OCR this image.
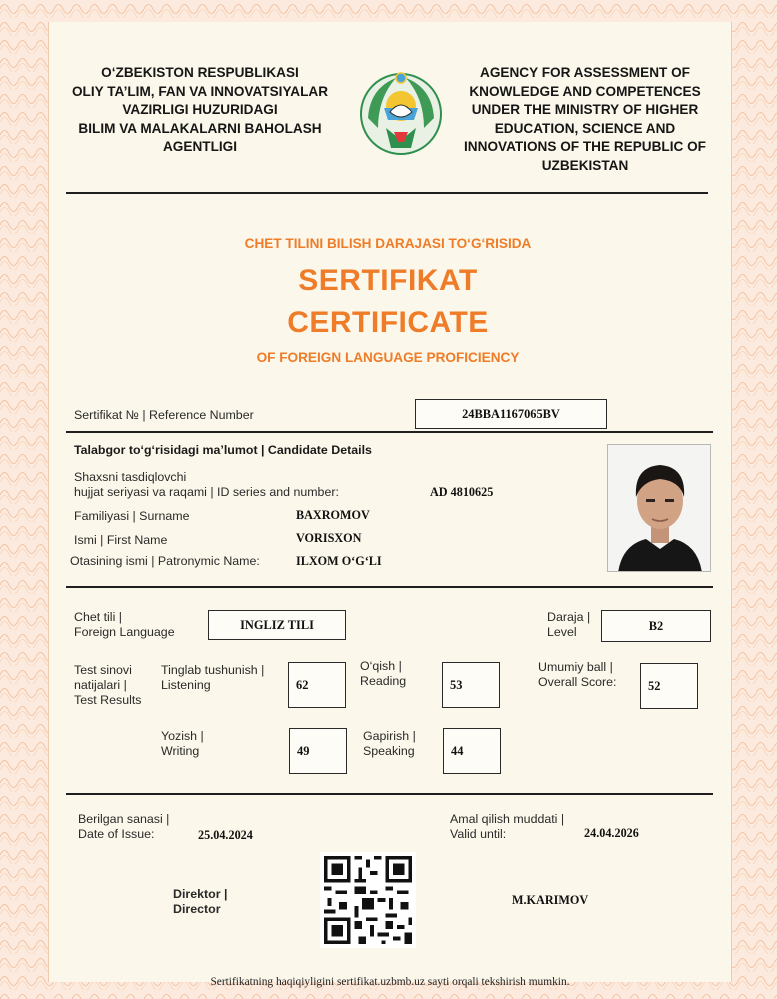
O‘ZBEKISTON RESPUBLIKASI
OLIY TA’LIM, FAN VA INNOVATSIYALAR
VAZIRLIGI HUZURIDAGI
BILIM VA MALAKALARNI BAHOLASH
AGENTLIGI
AGENCY FOR ASSESSMENT OF
KNOWLEDGE AND COMPETENCES
UNDER THE MINISTRY OF HIGHER
EDUCATION, SCIENCE AND
INNOVATIONS OF THE REPUBLIC OF
UZBEKISTAN
CHET TILINI BILISH DARAJASI TO‘G‘RISIDA
SERTIFIKAT
CERTIFICATE
OF FOREIGN LANGUAGE PROFICIENCY
Sertifikat № | Reference Number	24BBA1167065BV
Talabgor to‘g‘risidagi ma’lumot | Candidate Details
Shaxsni tasdiqlovchi
hujjat seriyasi va raqami | ID series and number:	AD 4810625
Familiyasi | Surname	BAXROMOV
Ismi | First Name	VORISXON
Otasining ismi | Patronymic Name:	ILXOM O‘G‘LI
Chet tili |
Foreign Language
INGLIZ TILI
Daraja |
Level	B2
Test sinovi
natijalari |
Test Results
Tinglab tushunish |
Listening	62
O‘qish |
Reading	53
Umumiy ball |
Overall Score:	52
Yozish |
Writing	49
Gapirish |
Speaking	44
Berilgan sanasi |
Date of Issue:	25.04.2024
Amal qilish muddati |
Valid until:	24.04.2026
Direktor |
Director
M.KARIMOV
Sertifikatning haqiqiyligini sertifikat.uzbmb.uz sayti orqali tekshirish mumkin.
